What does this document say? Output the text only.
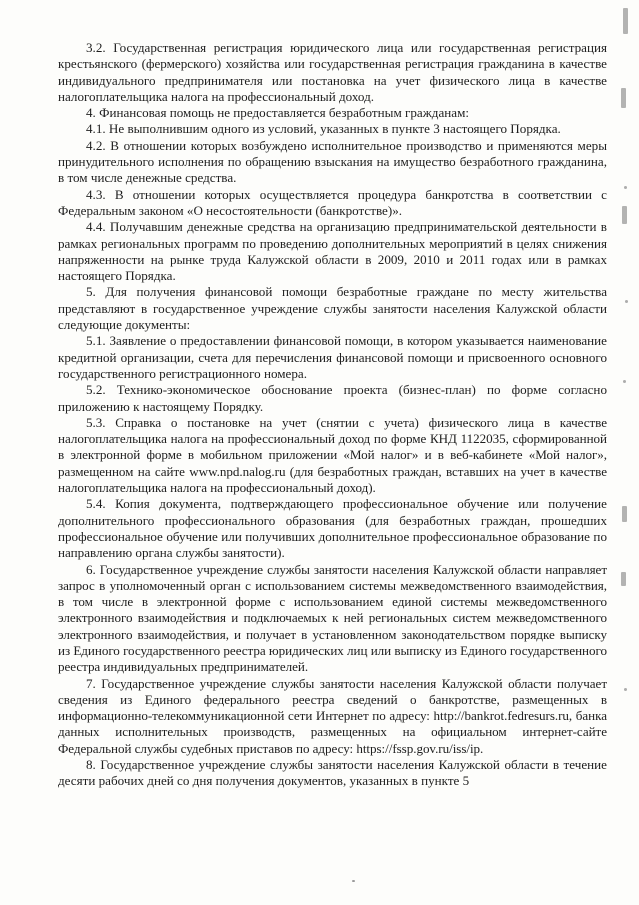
3.2. Государственная регистрация юридического лица или государственная регистрация крестьянского (фермерского) хозяйства или государственная регистрация гражданина в качестве индивидуального предпринимателя или постановка на учет физического лица в качестве налогоплательщика налога на профессиональный доход.

4. Финансовая помощь не предоставляется безработным гражданам:

4.1. Не выполнившим одного из условий, указанных в пункте 3 настоящего Порядка.

4.2. В отношении которых возбуждено исполнительное производство и применяются меры принудительного исполнения по обращению взыскания на имущество безработного гражданина, в том числе денежные средства.

4.3. В отношении которых осуществляется процедура банкротства в соответствии с Федеральным законом «О несостоятельности (банкротстве)».

4.4. Получавшим денежные средства на организацию предпринимательской деятельности в рамках региональных программ по проведению дополнительных мероприятий в целях снижения напряженности на рынке труда Калужской области в 2009, 2010 и 2011 годах или в рамках настоящего Порядка.

5. Для получения финансовой помощи безработные граждане по месту жительства представляют в государственное учреждение службы занятости населения Калужской области следующие документы:

5.1. Заявление о предоставлении финансовой помощи, в котором указывается наименование кредитной организации, счета для перечисления финансовой помощи и присвоенного основного государственного регистрационного номера.

5.2. Технико-экономическое обоснование проекта (бизнес-план) по форме согласно приложению к настоящему Порядку.

5.3. Справка о постановке на учет (снятии с учета) физического лица в качестве налогоплательщика налога на профессиональный доход по форме КНД 1122035, сформированной в электронной форме в мобильном приложении «Мой налог» и в веб-кабинете «Мой налог», размещенном на сайте www.npd.nalog.ru (для безработных граждан, вставших на учет в качестве налогоплательщика налога на профессиональный доход).

5.4. Копия документа, подтверждающего профессиональное обучение или получение дополнительного профессионального образования (для безработных граждан, прошедших профессиональное обучение или получивших дополнительное профессиональное образование по направлению органа службы занятости).

6. Государственное учреждение службы занятости населения Калужской области направляет запрос в уполномоченный орган с использованием системы межведомственного взаимодействия, в том числе в электронной форме с использованием единой системы межведомственного электронного взаимодействия и подключаемых к ней региональных систем межведомственного электронного взаимодействия, и получает в установленном законодательством порядке выписку из Единого государственного реестра юридических лиц или выписку из Единого государственного реестра индивидуальных предпринимателей.

7. Государственное учреждение службы занятости населения Калужской области получает сведения из Единого федерального реестра сведений о банкротстве, размещенных в информационно-телекоммуникационной сети Интернет по адресу: http://bankrot.fedresurs.ru, банка данных исполнительных производств, размещенных на официальном интернет-сайте Федеральной службы судебных приставов по адресу: https://fssp.gov.ru/iss/ip.

8. Государственное учреждение службы занятости населения Калужской области в течение десяти рабочих дней со дня получения документов, указанных в пункте 5
